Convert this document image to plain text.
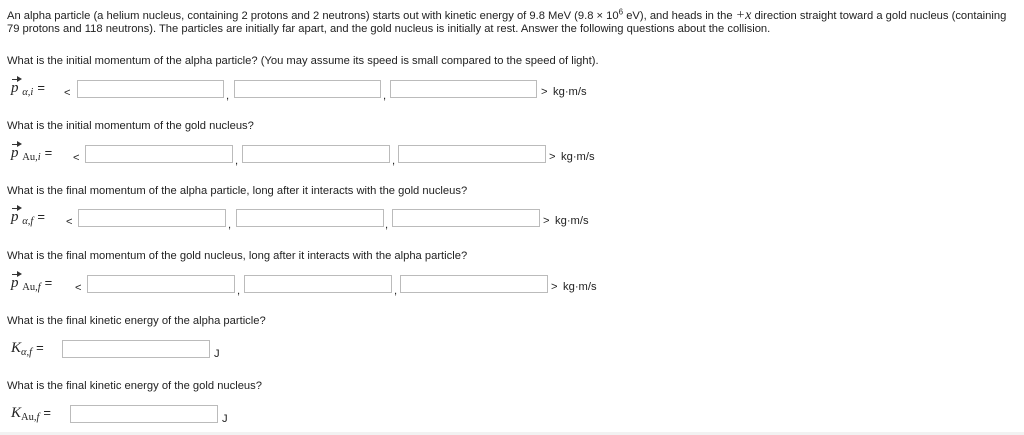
An alpha particle (a helium nucleus, containing 2 protons and 2 neutrons) starts out with kinetic energy of 9.8 MeV ($9.8 \times 10^6$ eV), and heads in the +x direction straight toward a gold nucleus (containing 79 protons and 118 neutrons). The particles are initially far apart, and the gold nucleus is initially at rest. Answer the following questions about the collision.

What is the initial momentum of the alpha particle? (You may assume its speed is small compared to the speed of light).

p $_{\alpha,i}$ = <	,	,	> kg·m/s

What is the initial momentum of the gold nucleus?

p $_{Au,i}$ = <	,	,	> kg·m/s

What is the final momentum of the alpha particle, long after it interacts with the gold nucleus?

p $_{\alpha,f}$ = <	,	,	> kg·m/s

What is the final momentum of the gold nucleus, long after it interacts with the alpha particle?

p $_{Au,f}$ = <	,	,	> kg·m/s

What is the final kinetic energy of the alpha particle?

$K_{\alpha,f}$ =	J

What is the final kinetic energy of the gold nucleus?

$K_{Au,f}$ =	J
